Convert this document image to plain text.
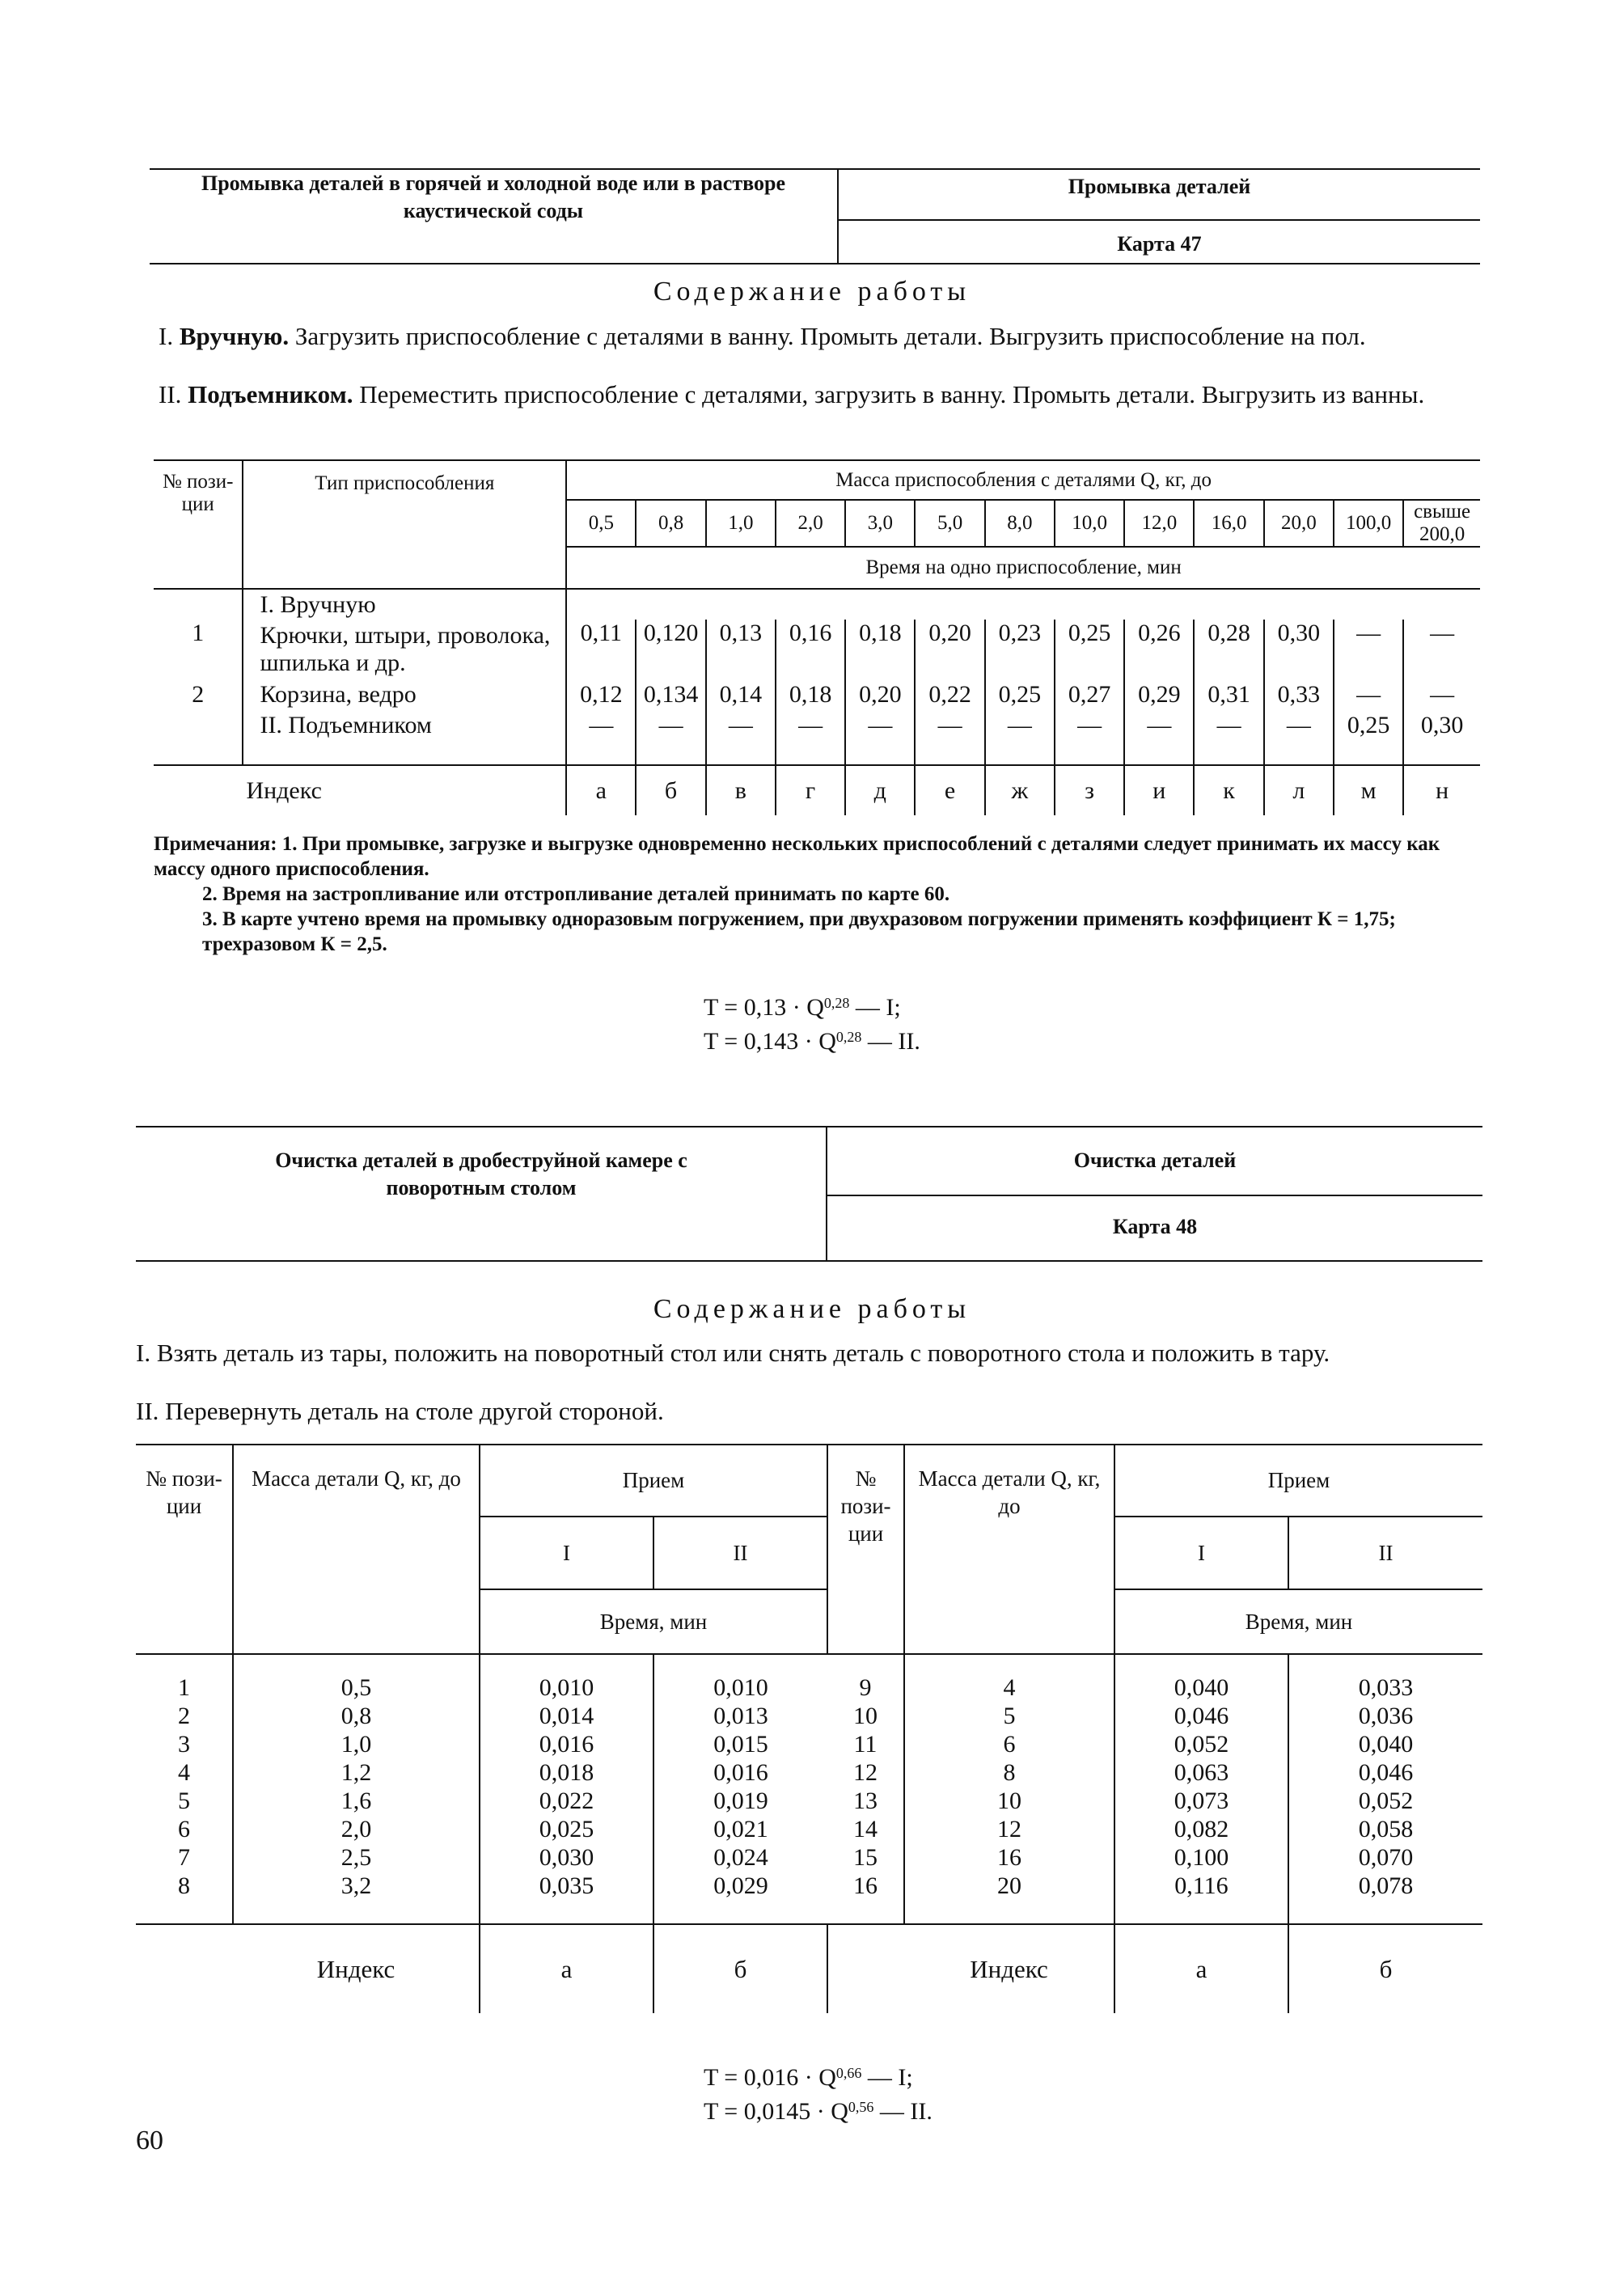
Промывка деталей в горячей и холодной воде или в растворе каустической соды
Промывка деталей
Карта 47
Содержание работы
I. Вручную. Загрузить приспособление с деталями в ванну. Промыть детали. Выгрузить приспособление на пол.
II. Подъемником. Переместить приспособление с деталями, загрузить в ванну. Промыть детали. Выгрузить из ванны.
№ пози-ции	Тип приспособления	Масса приспособления с деталями Q, кг, до												
		0,5	0,8	1,0	2,0	3,0	5,0	8,0	10,0	12,0	16,0	20,0	100,0	свыше 200,0
		Время на одно приспособление, мин												
	I. Вручную													
1	Крючки, штыри, проволока, шпилька и др.	0,11	0,120	0,13	0,16	0,18	0,20	0,23	0,25	0,26	0,28	0,30	—	—
2	Корзина, ведро	0,12	0,134	0,14	0,18	0,20	0,22	0,25	0,27	0,29	0,31	0,33	—	—
	II. Подъемником	—	—	—	—	—	—	—	—	—	—	—	0,25	0,30

	Индекс	а	б	в	г	д	е	ж	з	и	к	л	м	н
Примечания: 1. При промывке, загрузке и выгрузке одновременно нескольких приспособлений с деталями следует принимать их массу как массу одного приспособления.
2. Время на застропливание или отстропливание деталей принимать по карте 60.
3. В карте учтено время на промывку одноразовым погружением, при двухразовом погружении применять коэффициент К = 1,75; трехразовом К = 2,5.
T = 0,13 · Q$^{0,28}$ — I;
T = 0,143 · Q$^{0,28}$ — II.
Очистка деталей в дробеструйной камере с поворотным столом
Очистка деталей
Карта 48
Содержание работы
I. Взять деталь из тары, положить на поворотный стол или снять деталь с поворотного стола и положить в тару.
II. Перевернуть деталь на столе другой стороной.
№ пози-ции	Масса детали Q, кг, до	Прием		№ пози-ции	Масса детали Q, кг, до	Прием	
		I	II			I	II
		Время, мин				Время, мин	

1	0,5	0,010	0,010	9	4	0,040	0,033
2	0,8	0,014	0,013	10	5	0,046	0,036
3	1,0	0,016	0,015	11	6	0,052	0,040
4	1,2	0,018	0,016	12	8	0,063	0,046
5	1,6	0,022	0,019	13	10	0,073	0,052
6	2,0	0,025	0,021	14	12	0,082	0,058
7	2,5	0,030	0,024	15	16	0,100	0,070
8	3,2	0,035	0,029	16	20	0,116	0,078

	Индекс	а	б		Индекс	а	б
T = 0,016 · Q$^{0,66}$ — I;
T = 0,0145 · Q$^{0,56}$ — II.
60
